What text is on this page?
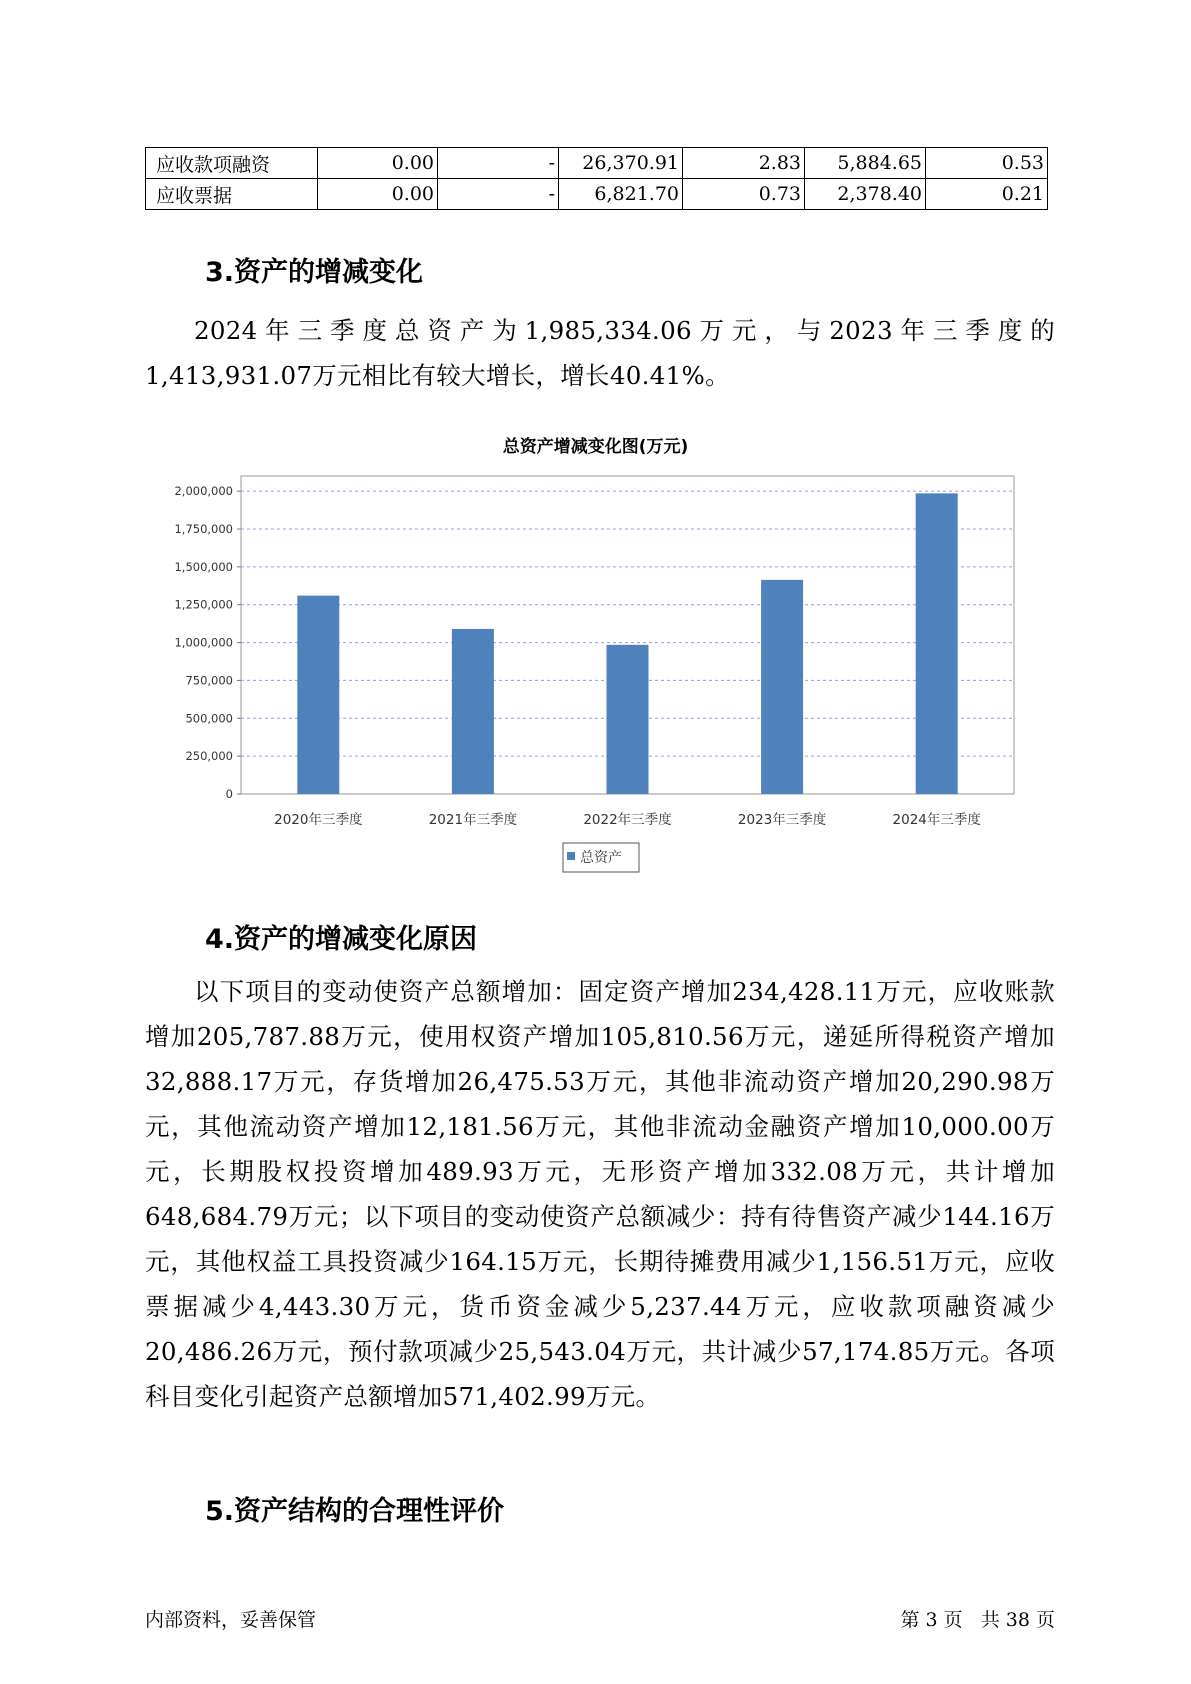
应收款项融资	0.00	-	26,370.91	2.83	5,884.65	0.53
应收票据	0.00	-	6,821.70	0.73	2,378.40	0.21
3.资产的增减变化

2024年三季度总资产为1,985,334.06万元，与2023年三季度的1,413,931.07万元相比有较大增长，增长40.41%。

总资产增减变化图(万元)
0
250,000
500,000
750,000
1,000,000
1,250,000
1,500,000
1,750,000
2,000,000
2020年三季度	2021年三季度	2022年三季度	2023年三季度	2024年三季度
总资产
4.资产的增减变化原因

以下项目的变动使资产总额增加：固定资产增加234,428.11万元，应收账款增加205,787.88万元，使用权资产增加105,810.56万元，递延所得税资产增加32,888.17万元，存货增加26,475.53万元，其他非流动资产增加20,290.98万元，其他流动资产增加12,181.56万元，其他非流动金融资产增加10,000.00万元，长期股权投资增加489.93万元，无形资产增加332.08万元，共计增加648,684.79万元；以下项目的变动使资产总额减少：持有待售资产减少144.16万元，其他权益工具投资减少164.15万元，长期待摊费用减少1,156.51万元，应收票据减少4,443.30万元，货币资金减少5,237.44万元，应收款项融资减少20,486.26万元，预付款项减少25,543.04万元，共计减少57,174.85万元。各项科目变化引起资产总额增加571,402.99万元。

5.资产结构的合理性评价
内部资料，妥善保管	第 3 页   共 38 页
